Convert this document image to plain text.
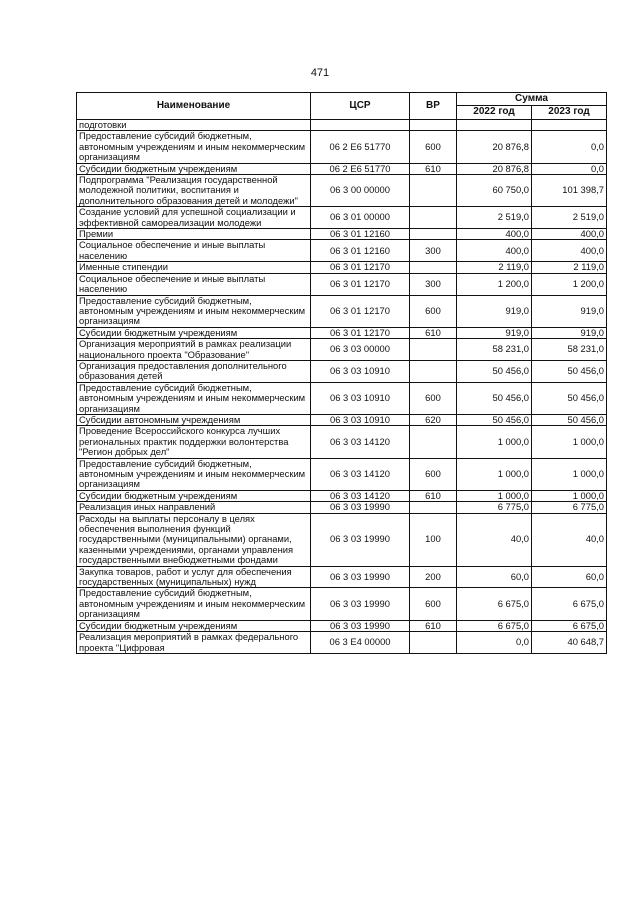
471
Наименование	ЦСР	ВР	Сумма	
			2022 год	2023 год
подготовки				
Предоставление субсидий бюджетным, автономным учреждениям и иным некоммерческим организациям	06 2 Е6 51770	600	20 876,8	0,0
Субсидии бюджетным учреждениям	06 2 Е6 51770	610	20 876,8	0,0
Подпрограмма "Реализация государственной молодежной политики, воспитания и дополнительного образования детей и молодежи"	06 3 00 00000		60 750,0	101 398,7
Создание условий для успешной социализации и эффективной самореализации молодежи	06 3 01 00000		2 519,0	2 519,0
Премии	06 3 01 12160		400,0	400,0
Социальное обеспечение и иные выплаты населению	06 3 01 12160	300	400,0	400,0
Именные стипендии	06 3 01 12170		2 119,0	2 119,0
Социальное обеспечение и иные выплаты населению	06 3 01 12170	300	1 200,0	1 200,0
Предоставление субсидий бюджетным, автономным учреждениям и иным некоммерческим организациям	06 3 01 12170	600	919,0	919,0
Субсидии бюджетным учреждениям	06 3 01 12170	610	919,0	919,0
Организация мероприятий в рамках реализации национального проекта "Образование"	06 3 03 00000		58 231,0	58 231,0
Организация предоставления дополнительного образования детей	06 3 03 10910		50 456,0	50 456,0
Предоставление субсидий бюджетным, автономным учреждениям и иным некоммерческим организациям	06 3 03 10910	600	50 456,0	50 456,0
Субсидии автономным учреждениям	06 3 03 10910	620	50 456,0	50 456,0
Проведение Всероссийского конкурса лучших региональных практик поддержки волонтерства "Регион добрых дел"	06 3 03 14120		1 000,0	1 000,0
Предоставление субсидий бюджетным, автономным учреждениям и иным некоммерческим организациям	06 3 03 14120	600	1 000,0	1 000,0
Субсидии бюджетным учреждениям	06 3 03 14120	610	1 000,0	1 000,0
Реализация иных направлений	06 3 03 19990		6 775,0	6 775,0
Расходы на выплаты персоналу в целях обеспечения выполнения функций государственными (муниципальными) органами, казенными учреждениями, органами управления государственными внебюджетными фондами	06 3 03 19990	100	40,0	40,0
Закупка товаров, работ и услуг для обеспечения государственных (муниципальных) нужд	06 3 03 19990	200	60,0	60,0
Предоставление субсидий бюджетным, автономным учреждениям и иным некоммерческим организациям	06 3 03 19990	600	6 675,0	6 675,0
Субсидии бюджетным учреждениям	06 3 03 19990	610	6 675,0	6 675,0
Реализация мероприятий в рамках федерального проекта "Цифровая	06 3 Е4 00000		0,0	40 648,7
